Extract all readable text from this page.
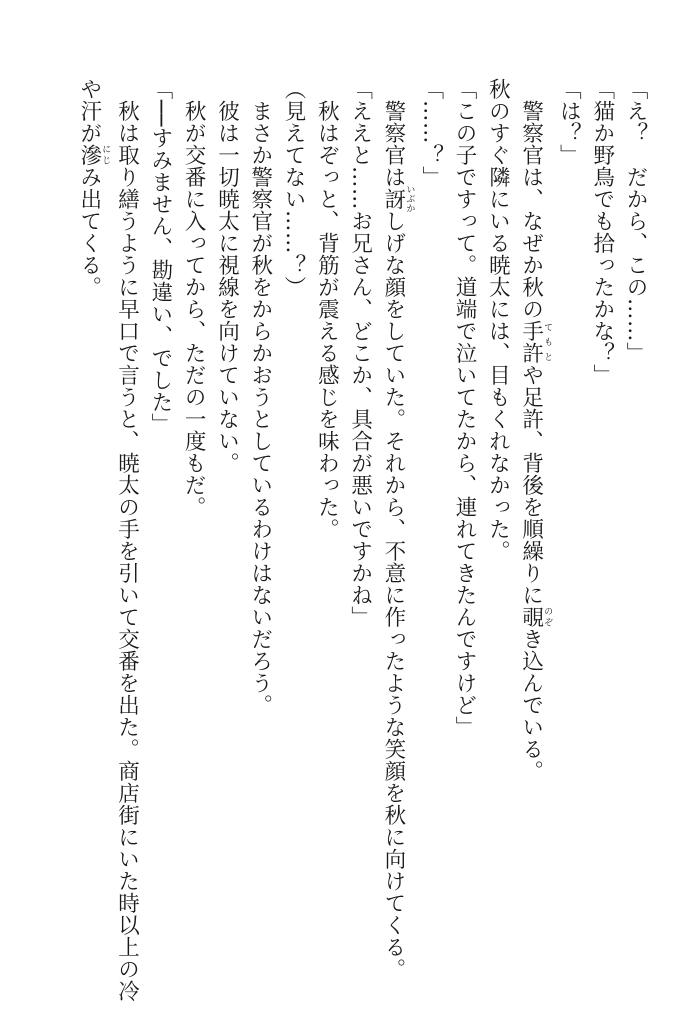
「え？　だから、この……」
「猫か野鳥でも拾ったかな？」
「は？」
　警察官は、なぜか秋の手許てもとや足許、背後を順繰りに覗のぞき込んでいる。
秋のすぐ隣にいる暁太には、目もくれなかった。
「この子ですって。道端で泣いてたから、連れてきたんですけど」
「……？」
　警察官は訝いぶかしげな顔をしていた。それから、不意に作ったような笑顔を秋に向けてくる。
「ええと……お兄さん、どこか、具合が悪いですかね」
　秋はぞっと、背筋が震える感じを味わった。
（見えてない……？）
　まさか警察官が秋をからかおうとしているわけはないだろう。
　彼は一切暁太に視線を向けていない。
　秋が交番に入ってから、ただの一度もだ。
「──すみません、勘違い、でした」
　秋は取り繕うように早口で言うと、暁太の手を引いて交番を出た。商店街にいた時以上の冷
や汗が滲にじみ出てくる。
